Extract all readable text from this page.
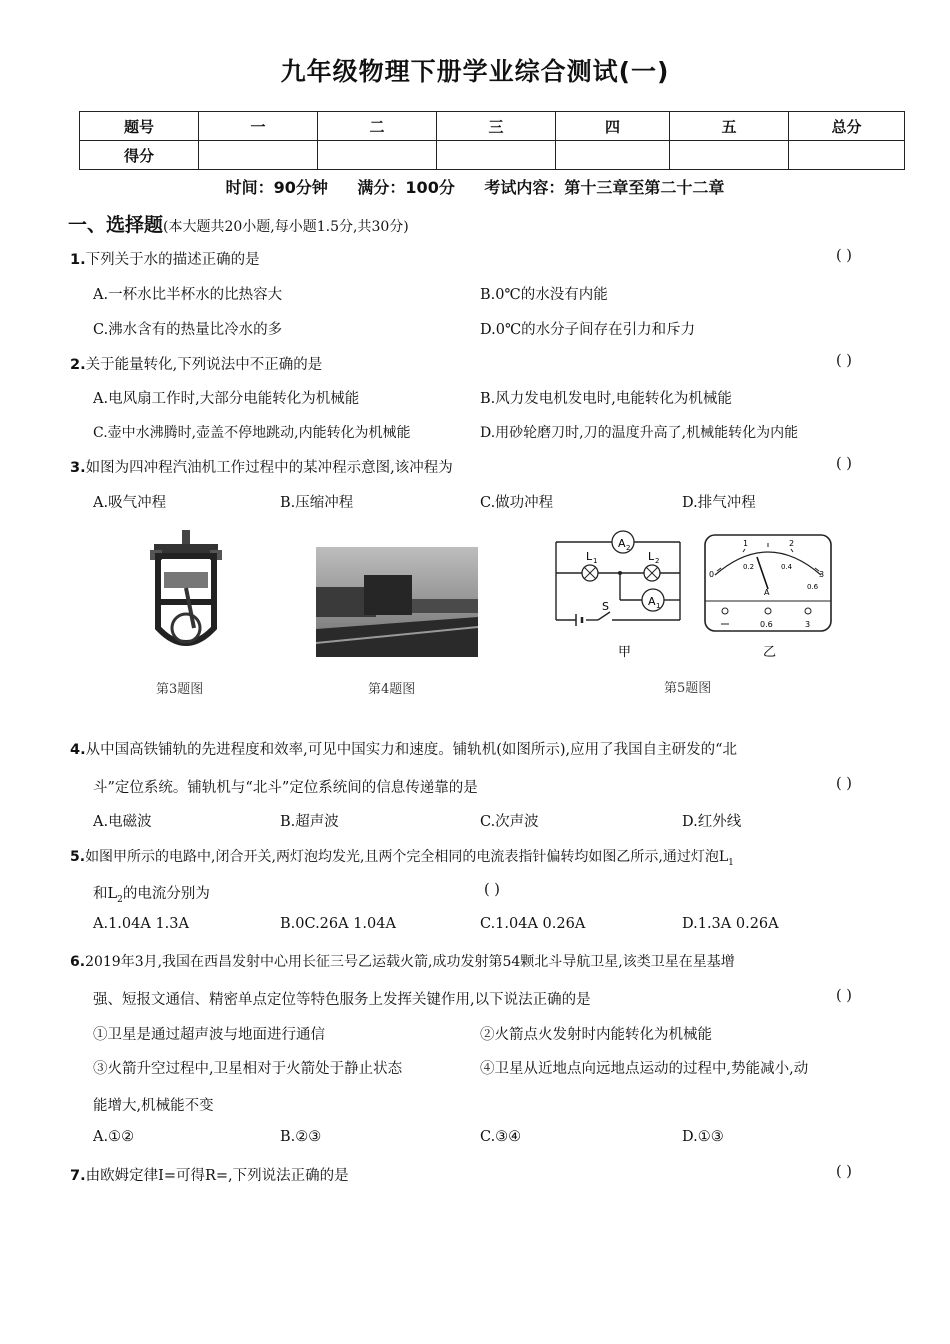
九年级物理下册学业综合测试(一)
题号	一	二	三	四	五	总分
得分						
时间：90分钟 满分：100分 考试内容：第十三章至第二十二章
一、选择题(本大题共20小题,每小题1.5分,共30分)
1.下列关于水的描述正确的是	( )
A.一杯水比半杯水的比热容大	B.0℃的水没有内能
C.沸水含有的热量比冷水的多	D.0℃的水分子间存在引力和斥力
2.关于能量转化,下列说法中不正确的是	( )
A.电风扇工作时,大部分电能转化为机械能	B.风力发电机发电时,电能转化为机械能
C.壶中水沸腾时,壶盖不停地跳动,内能转化为机械能	D.用砂轮磨刀时,刀的温度升高了,机械能转化为内能
3.如图为四冲程汽油机工作过程中的某冲程示意图,该冲程为	( )
A.吸气冲程	B.压缩冲程	C.做功冲程	D.排气冲程
第3题图	第4题图
A 2
A 1
L 1	L 2
S
甲
1	2
3
0
0.2	0.4
0.6
A
0.6	3
乙
第5题图
4.从中国高铁铺轨的先进程度和效率,可见中国实力和速度。铺轨机(如图所示),应用了我国自主研发的“北
斗”定位系统。铺轨机与“北斗”定位系统间的信息传递靠的是	( )
A.电磁波	B.超声波	C.次声波	D.红外线
5.如图甲所示的电路中,闭合开关,两灯泡均发光,且两个完全相同的电流表指针偏转均如图乙所示,通过灯泡$L_1$
和$L_2$的电流分别为	( )
A.1.04A 1.3A	B.0C.26A 1.04A	C.1.04A 0.26A	D.1.3A 0.26A
6.2019年3月,我国在西昌发射中心用长征三号乙运载火箭,成功发射第54颗北斗导航卫星,该类卫星在星基增
强、短报文通信、精密单点定位等特色服务上发挥关键作用,以下说法正确的是	( )
①卫星是通过超声波与地面进行通信	②火箭点火发射时内能转化为机械能
③火箭升空过程中,卫星相对于火箭处于静止状态	④卫星从近地点向远地点运动的过程中,势能减小,动
能增大,机械能不变
A.①②	B.②③	C.③④	D.①③
7.由欧姆定律Ⅰ=可得R=,下列说法正确的是	( )
